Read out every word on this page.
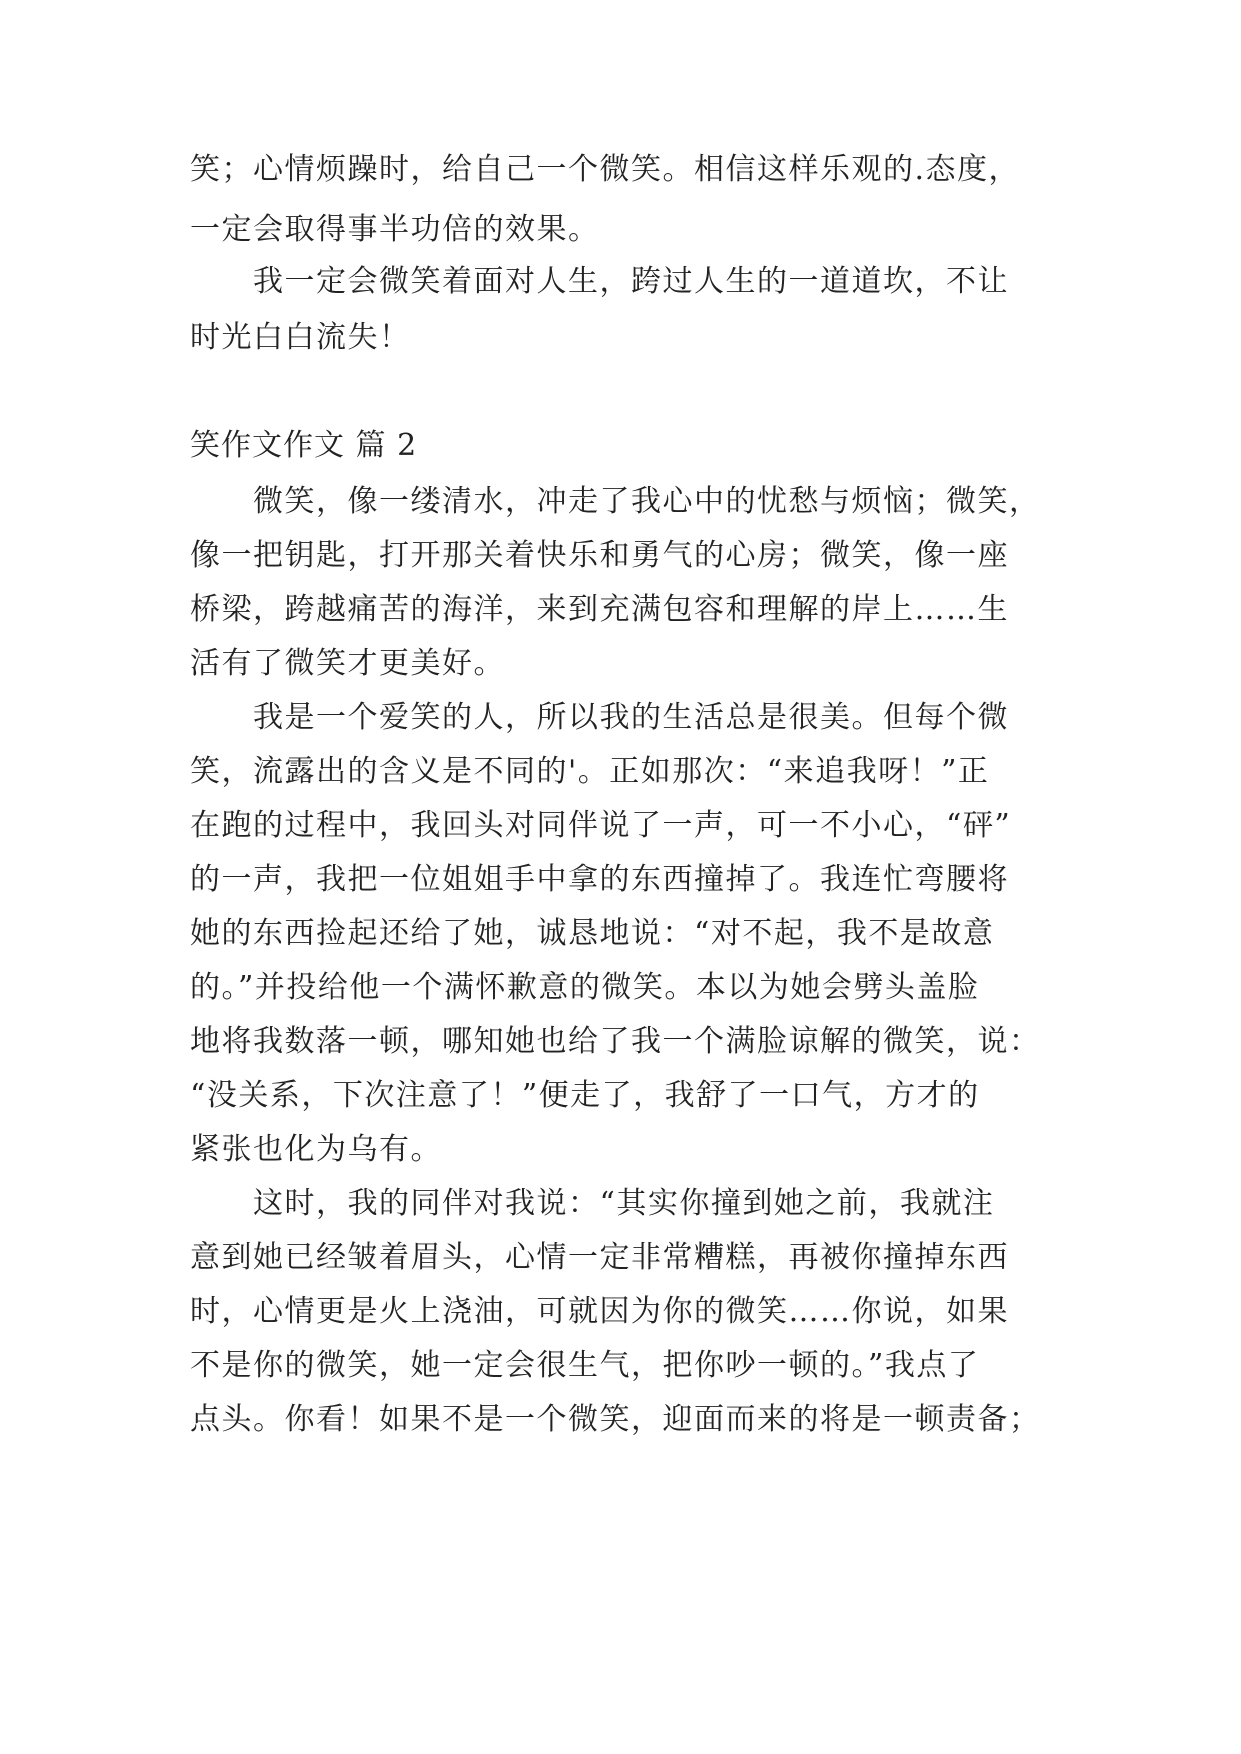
笑；心情烦躁时，给自己一个微笑。相信这样乐观的.态度，
一定会取得事半功倍的效果。
　　我一定会微笑着面对人生，跨过人生的一道道坎，不让
时光白白流失！
笑作文作文 篇 2
　　微笑，像一缕清水，冲走了我心中的忧愁与烦恼；微笑，
像一把钥匙，打开那关着快乐和勇气的心房；微笑，像一座
桥梁，跨越痛苦的海洋，来到充满包容和理解的岸上……生
活有了微笑才更美好。
　　我是一个爱笑的人，所以我的生活总是很美。但每个微
笑，流露出的含义是不同的'。正如那次：“来追我呀！”正
在跑的过程中，我回头对同伴说了一声，可一不小心，“砰”
的一声，我把一位姐姐手中拿的东西撞掉了。我连忙弯腰将
她的东西捡起还给了她，诚恳地说：“对不起，我不是故意
的。”并投给他一个满怀歉意的微笑。本以为她会劈头盖脸
地将我数落一顿，哪知她也给了我一个满脸谅解的微笑，说：
“没关系，下次注意了！”便走了，我舒了一口气，方才的
紧张也化为乌有。
　　这时，我的同伴对我说：“其实你撞到她之前，我就注
意到她已经皱着眉头，心情一定非常糟糕，再被你撞掉东西
时，心情更是火上浇油，可就因为你的微笑……你说，如果
不是你的微笑，她一定会很生气，把你吵一顿的。”我点了
点头。你看！如果不是一个微笑，迎面而来的将是一顿责备；
